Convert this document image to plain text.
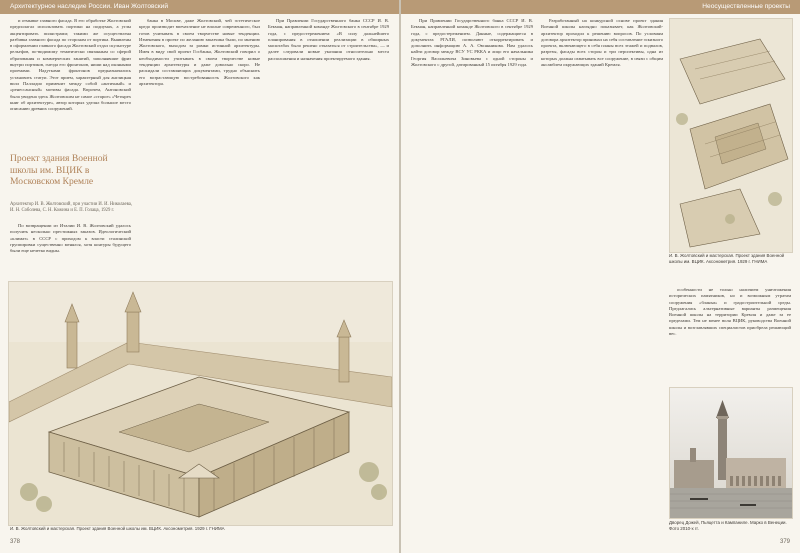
Архитектурное наследие России. Иван Жолтовский

и отмывке главного фасада. В его обработке Жолтовский предполагал использовать портики на подиумах, а углы акцентировать пилястрами; такими же осуществлена разбивка главного фасада по сторонам от портика. Выявлены в оформлении главного фасада Жолтовский отдал скульптуре рельефов, по-видимому тематически связанным со сферой образования и коммерческих занятий, заполнявшие фриз внутри портиков, гнезда его фронтонов, ниши над оконными проемами. Надутками фронтонов предназначались установить статуи. Этот прием, характерный для англицкая вилл Палладио применит между собой «античный» и «ренессансный» мотивы фасада. Впрочем, Антоновский была увидена здесь Жолтовским не самое «старое» «Четырех книг об архитектуре», автор которых уделял большое место описанию древних сооружений.

Проект здания Военной школы им. ВЦИК в Московском Кремле
Архитектор И. В. Жолтовский, при участии И. И. Николаева, И. Н. Соболева, С. Н. Кожина и Е. П. Голаца, 1929 г.

По возвращении из Италии И. В. Жолтовский удалось получить несколько престижных заказов. Идеологический «климат» в СССР с приходом к власти сталинской группировки существенно менялся, хотя контуры будущего были еще нечетко видны.

банка в Москве, даже Жолтовский, чей эстетическое кредо производит впечатление не вполне современного, был готов учитывать в своем творчестве новые тенденции. Изменения в проект по желанию заказчика были, по мнению Жолтовского, выходом за рамки истинной архитектуры. Имея в виду свой проект Госбанка, Жолтовский говорил о необходимости учитывать в своем творчестве новые тенденции архитектуры и даже довольно скоро. Не раскидали составляющих документами, трудно объяснить его возрастающую востребованность Жолтовского как архитектора.

При Правлении Государственного банка СССР И. В. Бекман, направленной команде Жолтовского в сентябре 1929 года, с предостережением: «В силу дальнейшего планирования в отношении реализации в обширных масштабах было решено отказаться от строительства», — и далее следовали новые указания относительно места расположения и назначения проектируемого здания.

И. В. Жолтовский и мастерская. Проект здания Военной школы им. ВЦИК. Аксонометрия. 1929 г. ГНИМА
378
Неосуществленные проекты

При Правлении Государственного банка СССР И. В. Бекман, направленной команде Жолтовского в сентябре 1929 года, с предостережением. Данные, содержащиеся в документах РГАЛИ, позволяют откорректировать и дополнить информацию А. А. Овсянникова. Нам удалось найти договор между ВСУ УС РККА и лицо его начальника Георгия Васильевича Зиновьева с одной стороны и Жолтовского с другой, датированный 15 октября 1929 года.

Разработанный на конкурсной основе проект здания Военной школы наглядно показывает, как Жолтовский-архитектор проходил к решению вопросов. По условиям договора архитектор принимал на себя составление эскизного проекта, включающего в себя планы всех этажей и подвалов, разрезы, фасады всех сторон и три перспективы, одна из которых должна охватывать все сооружение, в связи с общим ансамблем окружающих зданий Кремля.

И. В. Жолтовский и мастерская. Проект здания Военной школы им. ВЦИК. Аксонометрия. 1929 г. ГНИМА

особенности не только наличием уничтожения исторических памятников, но и возможным утратам сооружения «бланьи» и градостроительной среды. Предлагались альтернативные варианты размещения Военной школы на территории Кремля и даже за ее пределами. Тем не менее воля ВЦИК, руководства Военной школы и возглавлявших специалистов приобрела решающий вес.

Дворец Дожей, Пьяцетта и Кампаниле. Марко в Венеции. Фото 2010-х гг.
379
